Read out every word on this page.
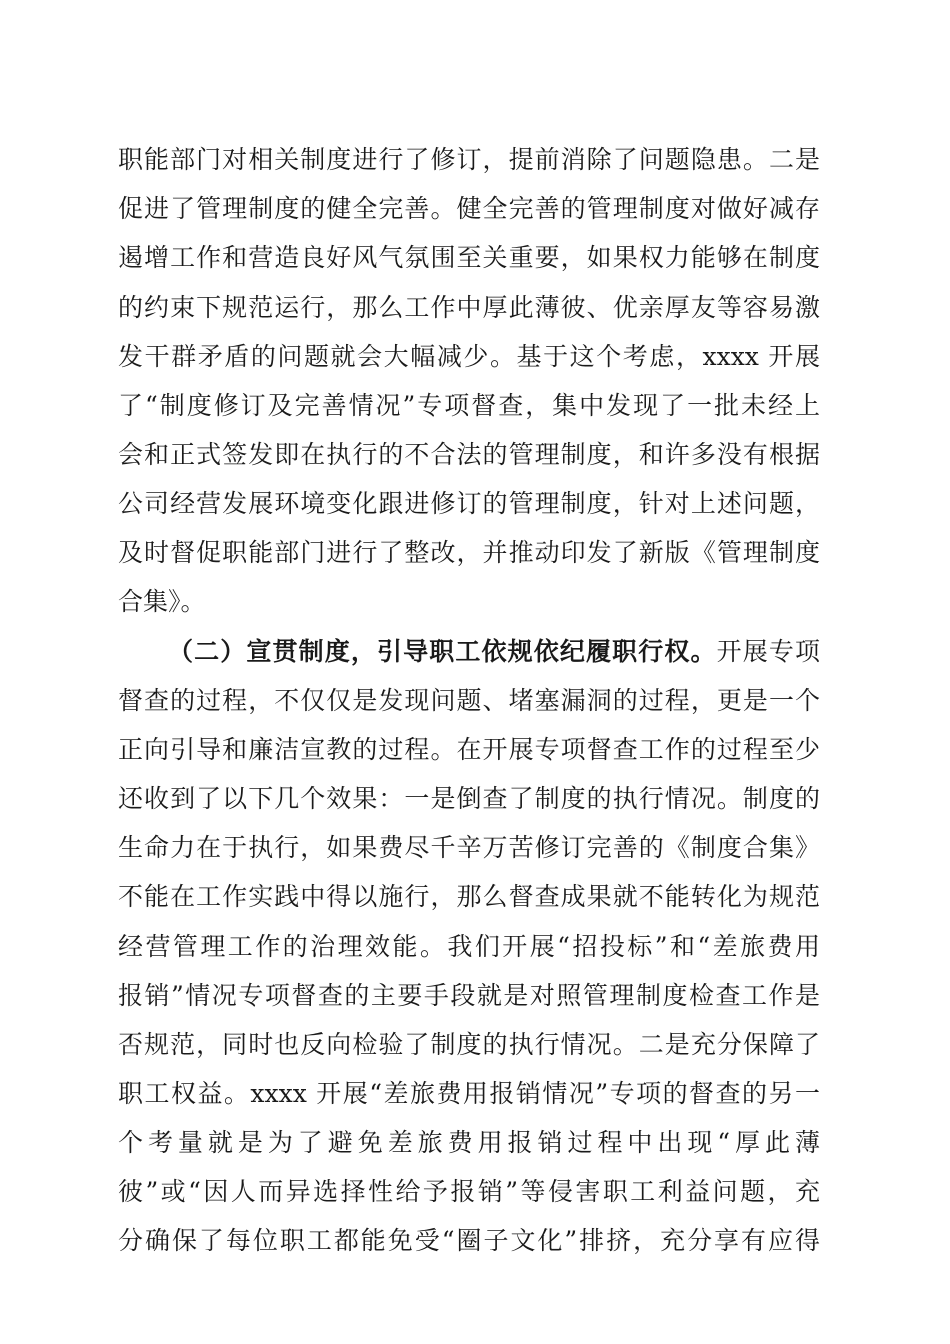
职能部门对相关制度进行了修订，提前消除了问题隐患。二是
促进了管理制度的健全完善。健全完善的管理制度对做好减存
遏增工作和营造良好风气氛围至关重要，如果权力能够在制度
的约束下规范运行，那么工作中厚此薄彼、优亲厚友等容易激
发干群矛盾的问题就会大幅减少。基于这个考虑，xxxx 开展
了“制度修订及完善情况”专项督查，集中发现了一批未经上
会和正式签发即在执行的不合法的管理制度，和许多没有根据
公司经营发展环境变化跟进修订的管理制度，针对上述问题，
及时督促职能部门进行了整改，并推动印发了新版《管理制度
合集》。
（二）宣贯制度，引导职工依规依纪履职行权。开展专项
督查的过程，不仅仅是发现问题、堵塞漏洞的过程，更是一个
正向引导和廉洁宣教的过程。在开展专项督查工作的过程至少
还收到了以下几个效果：一是倒查了制度的执行情况。制度的
生命力在于执行，如果费尽千辛万苦修订完善的《制度合集》
不能在工作实践中得以施行，那么督查成果就不能转化为规范
经营管理工作的治理效能。我们开展“招投标”和“差旅费用
报销”情况专项督查的主要手段就是对照管理制度检查工作是
否规范，同时也反向检验了制度的执行情况。二是充分保障了
职工权益。xxxx 开展“差旅费用报销情况”专项的督查的另一
个考量就是为了避免差旅费用报销过程中出现“厚此薄
彼”或“因人而异选择性给予报销”等侵害职工利益问题，充
分确保了每位职工都能免受“圈子文化”排挤，充分享有应得
